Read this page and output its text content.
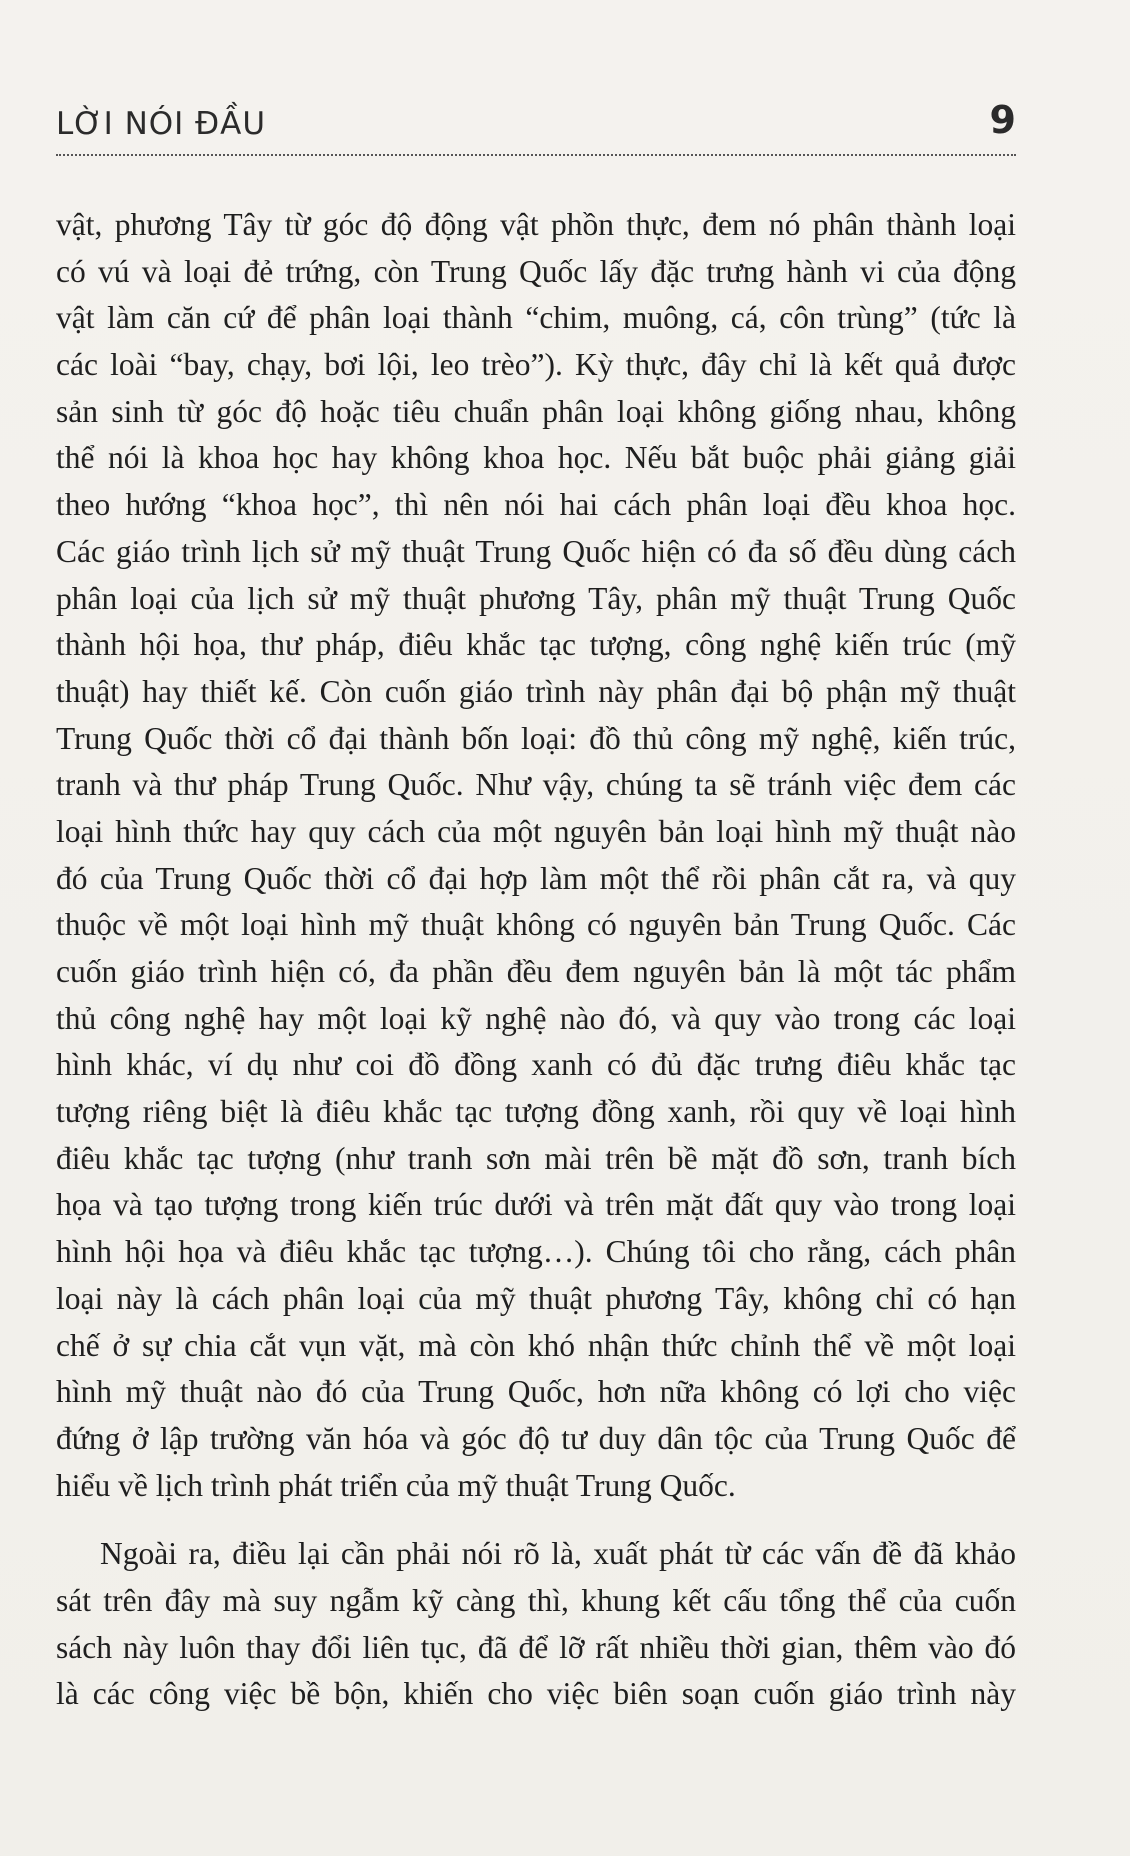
LỜI NÓI ĐẦU	9

vật, phương Tây từ góc độ động vật phồn thực, đem nó phân thành loại
có vú và loại đẻ trứng, còn Trung Quốc lấy đặc trưng hành vi của động
vật làm căn cứ để phân loại thành “chim, muông, cá, côn trùng” (tức là
các loài “bay, chạy, bơi lội, leo trèo”). Kỳ thực, đây chỉ là kết quả được
sản sinh từ góc độ hoặc tiêu chuẩn phân loại không giống nhau, không
thể nói là khoa học hay không khoa học. Nếu bắt buộc phải giảng giải
theo hướng “khoa học”, thì nên nói hai cách phân loại đều khoa học.
Các giáo trình lịch sử mỹ thuật Trung Quốc hiện có đa số đều dùng cách
phân loại của lịch sử mỹ thuật phương Tây, phân mỹ thuật Trung Quốc
thành hội họa, thư pháp, điêu khắc tạc tượng, công nghệ kiến trúc (mỹ
thuật) hay thiết kế. Còn cuốn giáo trình này phân đại bộ phận mỹ thuật
Trung Quốc thời cổ đại thành bốn loại: đồ thủ công mỹ nghệ, kiến trúc,
tranh và thư pháp Trung Quốc. Như vậy, chúng ta sẽ tránh việc đem các
loại hình thức hay quy cách của một nguyên bản loại hình mỹ thuật nào
đó của Trung Quốc thời cổ đại hợp làm một thể rồi phân cắt ra, và quy
thuộc về một loại hình mỹ thuật không có nguyên bản Trung Quốc. Các
cuốn giáo trình hiện có, đa phần đều đem nguyên bản là một tác phẩm
thủ công nghệ hay một loại kỹ nghệ nào đó, và quy vào trong các loại
hình khác, ví dụ như coi đồ đồng xanh có đủ đặc trưng điêu khắc tạc
tượng riêng biệt là điêu khắc tạc tượng đồng xanh, rồi quy về loại hình
điêu khắc tạc tượng (như tranh sơn mài trên bề mặt đồ sơn, tranh bích
họa và tạo tượng trong kiến trúc dưới và trên mặt đất quy vào trong loại
hình hội họa và điêu khắc tạc tượng…). Chúng tôi cho rằng, cách phân
loại này là cách phân loại của mỹ thuật phương Tây, không chỉ có hạn
chế ở sự chia cắt vụn vặt, mà còn khó nhận thức chỉnh thể về một loại
hình mỹ thuật nào đó của Trung Quốc, hơn nữa không có lợi cho việc
đứng ở lập trường văn hóa và góc độ tư duy dân tộc của Trung Quốc để
hiểu về lịch trình phát triển của mỹ thuật Trung Quốc.

Ngoài ra, điều lại cần phải nói rõ là, xuất phát từ các vấn đề đã khảo
sát trên đây mà suy ngẫm kỹ càng thì, khung kết cấu tổng thể của cuốn
sách này luôn thay đổi liên tục, đã để lỡ rất nhiều thời gian, thêm vào đó
là các công việc bề bộn, khiến cho việc biên soạn cuốn giáo trình này
